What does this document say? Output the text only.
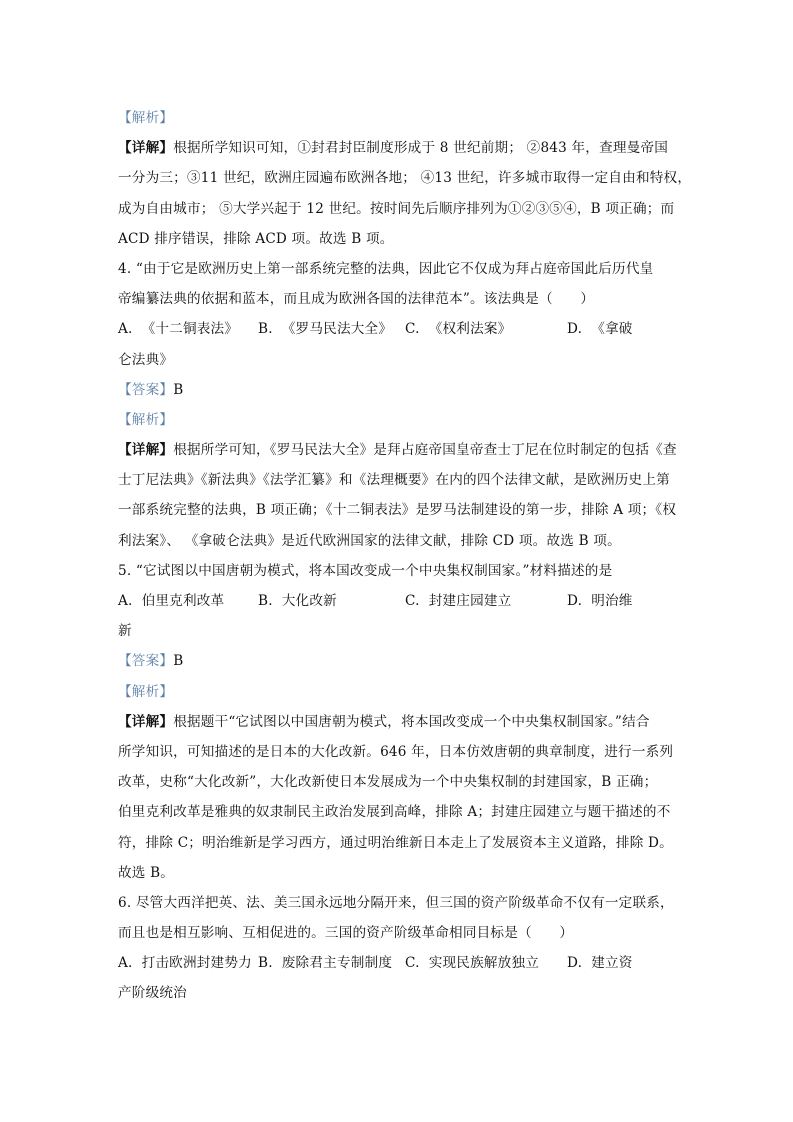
【解析】
【详解】根据所学知识可知，①封君封臣制度形成于 8 世纪前期； ②843 年，查理曼帝国
一分为三；③11 世纪，欧洲庄园遍布欧洲各地； ④13 世纪，许多城市取得一定自由和特权，
成为自由城市； ⑤大学兴起于 12 世纪。按时间先后顺序排列为①②③⑤④，B 项正确；而
ACD 排序错误，排除 ACD 项。故选 B 项。
4. “由于它是欧洲历史上第一部系统完整的法典，因此它不仅成为拜占庭帝国此后历代皇
帝编纂法典的依据和蓝本，而且成为欧洲各国的法律范本”。该法典是（　　）
A. 《十二铜表法》	B. 《罗马民法大全》 C. 《权利法案》	D. 《拿破
仑法典》
【答案】B
【解析】
【详解】根据所学可知，《罗马民法大全》是拜占庭帝国皇帝查士丁尼在位时制定的包括《查
士丁尼法典》《新法典》《法学汇纂》和《法理概要》在内的四个法律文献，是欧洲历史上第
一部系统完整的法典，B 项正确；《十二铜表法》是罗马法制建设的第一步，排除 A 项；《权
利法案》、 《拿破仑法典》是近代欧洲国家的法律文献，排除 CD 项。故选 B 项。
5. “它试图以中国唐朝为模式，将本国改变成一个中央集权制国家。”材料描述的是
A. 伯里克利改革	B. 大化改新	C. 封建庄园建立	D. 明治维
新
【答案】B
【解析】
【详解】根据题干“它试图以中国唐朝为模式，将本国改变成一个中央集权制国家。”结合
所学知识，可知描述的是日本的大化改新。646 年，日本仿效唐朝的典章制度，进行一系列
改革，史称“大化改新”，大化改新使日本发展成为一个中央集权制的封建国家，B 正确；
伯里克利改革是雅典的奴隶制民主政治发展到高峰，排除 A；封建庄园建立与题干描述的不
符，排除 C；明治维新是学习西方，通过明治维新日本走上了发展资本主义道路，排除 D。
故选 B。
6. 尽管大西洋把英、法、美三国永远地分隔开来，但三国的资产阶级革命不仅有一定联系，
而且也是相互影响、互相促进的。三国的资产阶级革命相同目标是（　　）
A. 打击欧洲封建势力 B. 废除君主专制制度 C. 实现民族解放独立	D. 建立资
产阶级统治
